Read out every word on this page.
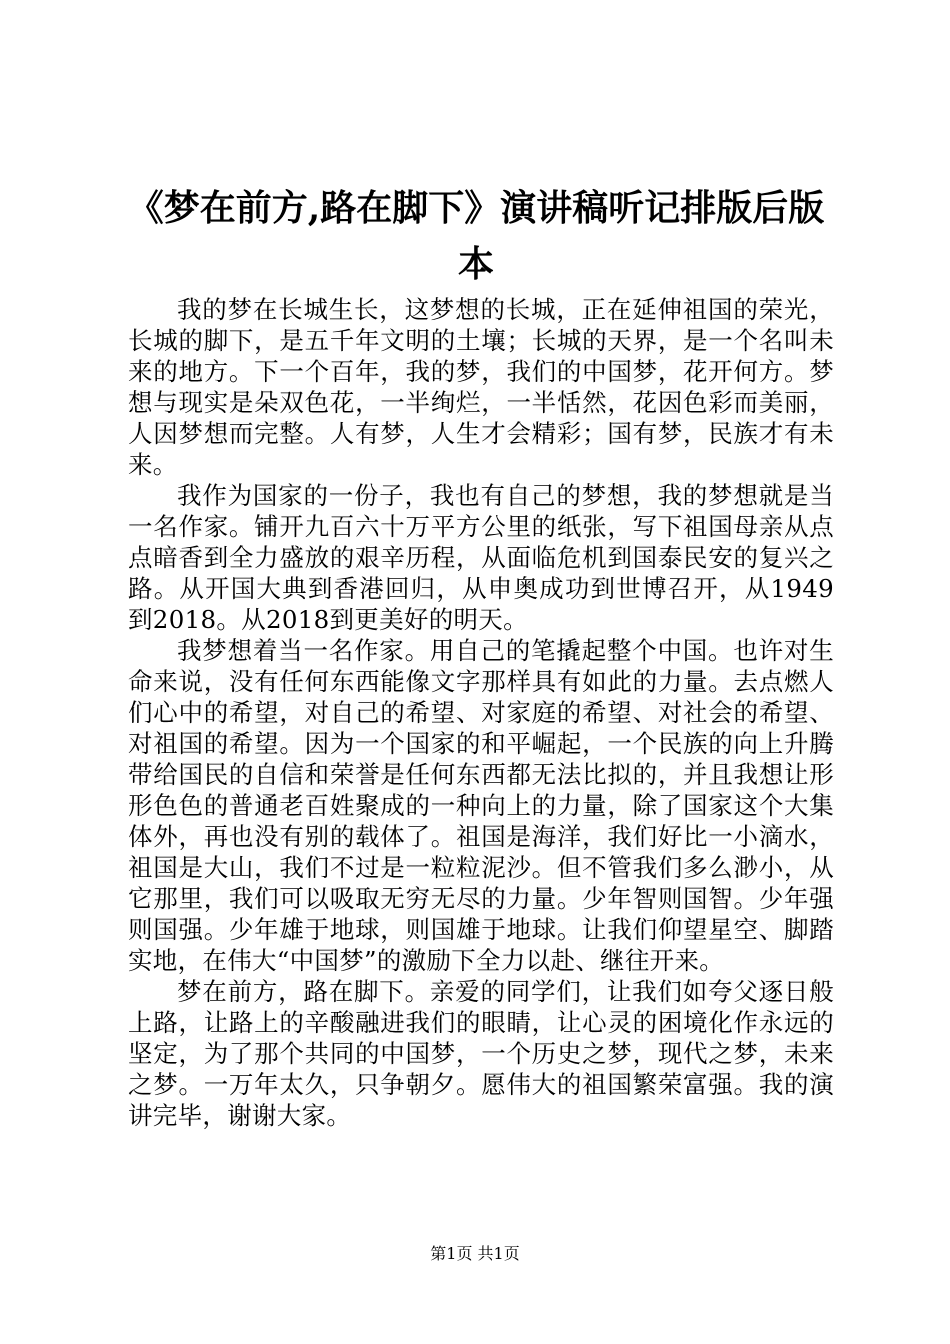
《梦在前方,路在脚下》演讲稿听记排版后版本

我的梦在长城生长，这梦想的长城，正在延伸祖国的荣光，长城的脚下，是五千年文明的土壤；长城的天界，是一个名叫未来的地方。下一个百年，我的梦，我们的中国梦，花开何方。梦想与现实是朵双色花，一半绚烂，一半恬然，花因色彩而美丽，人因梦想而完整。人有梦，人生才会精彩；国有梦，民族才有未来。

我作为国家的一份子，我也有自己的梦想，我的梦想就是当一名作家。铺开九百六十万平方公里的纸张，写下祖国母亲从点点暗香到全力盛放的艰辛历程，从面临危机到国泰民安的复兴之路。从开国大典到香港回归，从申奥成功到世博召开，从1949到2018。从2018到更美好的明天。

我梦想着当一名作家。用自己的笔撬起整个中国。也许对生命来说，没有任何东西能像文字那样具有如此的力量。去点燃人们心中的希望，对自己的希望、对家庭的希望、对社会的希望、对祖国的希望。因为一个国家的和平崛起，一个民族的向上升腾带给国民的自信和荣誉是任何东西都无法比拟的，并且我想让形形色色的普通老百姓聚成的一种向上的力量，除了国家这个大集体外，再也没有别的载体了。祖国是海洋，我们好比一小滴水，祖国是大山，我们不过是一粒粒泥沙。但不管我们多么渺小，从它那里，我们可以吸取无穷无尽的力量。少年智则国智。少年强则国强。少年雄于地球，则国雄于地球。让我们仰望星空、脚踏实地，在伟大“中国梦”的激励下全力以赴、继往开来。

梦在前方，路在脚下。亲爱的同学们，让我们如夸父逐日般上路，让路上的辛酸融进我们的眼睛，让心灵的困境化作永远的坚定，为了那个共同的中国梦，一个历史之梦，现代之梦，未来之梦。一万年太久，只争朝夕。愿伟大的祖国繁荣富强。我的演讲完毕，谢谢大家。

第1页 共1页
